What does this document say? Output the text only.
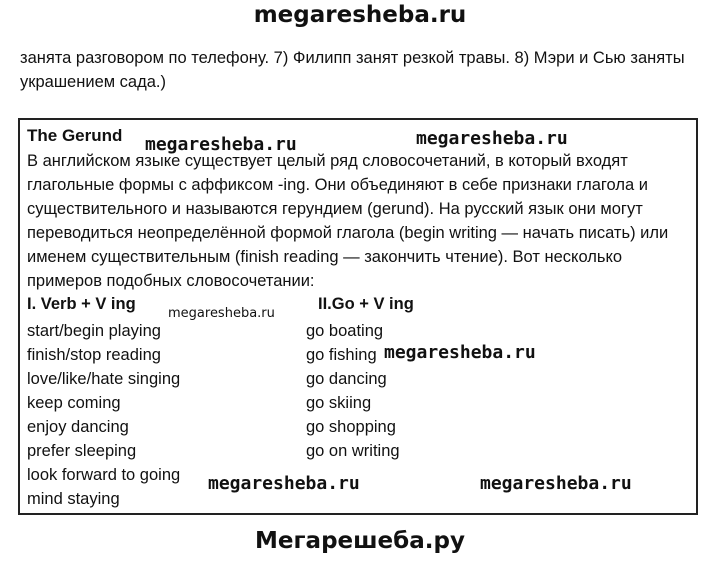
megaresheba.ru
занята разговором по телефону. 7) Филипп занят резкой травы. 8) Мэри и Сью заняты украшением сада.)
The Gerund
В английском языке существует целый ряд словосочетаний, в который входят глагольные формы с аффиксом -ing. Они объединяют в себе признаки глагола и существительного и называются герундием (gerund). На русский язык они могут переводиться неопределённой формой глагола (begin writing — начать писать) или именем существительным (finish reading — закончить чтение). Вот несколько примеров подобных словосочетании:
I. Verb + V ing
start/begin playing
finish/stop reading
love/like/hate singing
keep coming
enjoy dancing
prefer sleeping
look forward to going
mind staying
II.Go + V ing
go boating
go fishing
go dancing
go skiing
go shopping
go on writing
megaresheba.ru	megaresheba.ru
megaresheba.ru
megaresheba.ru
megaresheba.ru	megaresheba.ru
Мегарешеба.ру
